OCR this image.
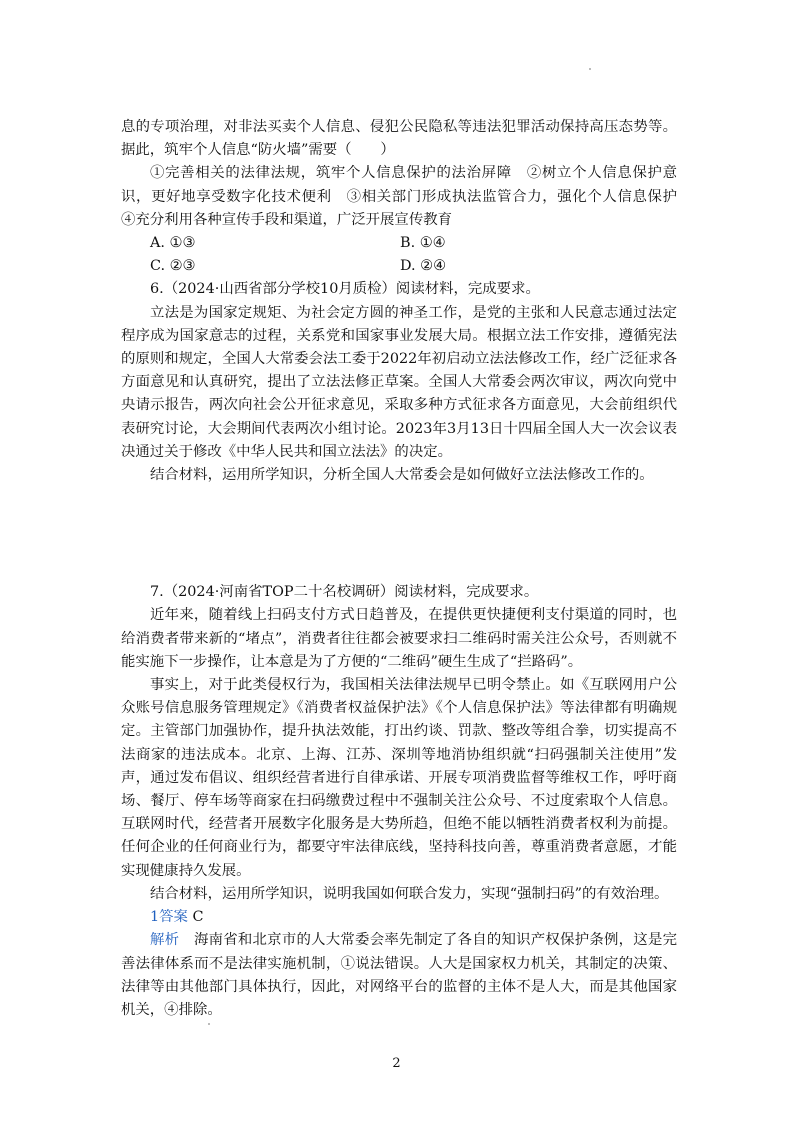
息的专项治理，对非法买卖个人信息、侵犯公民隐私等违法犯罪活动保持高压态势等。据此，筑牢个人信息“防火墙”需要（　　）

①完善相关的法律法规，筑牢个人信息保护的法治屏障　②树立个人信息保护意识，更好地享受数字化技术便利　③相关部门形成执法监管合力，强化个人信息保护　④充分利用各种宣传手段和渠道，广泛开展宣传教育

A. ①③	B. ①④
C. ②③	D. ②④

6.（2024·山西省部分学校10月质检）阅读材料，完成要求。

立法是为国家定规矩、为社会定方圆的神圣工作，是党的主张和人民意志通过法定程序成为国家意志的过程，关系党和国家事业发展大局。根据立法工作安排，遵循宪法的原则和规定，全国人大常委会法工委于2022年初启动立法法修改工作，经广泛征求各方面意见和认真研究，提出了立法法修正草案。全国人大常委会两次审议，两次向党中央请示报告，两次向社会公开征求意见，采取多种方式征求各方面意见，大会前组织代表研究讨论，大会期间代表两次小组讨论。2023年3月13日十四届全国人大一次会议表决通过关于修改《中华人民共和国立法法》的决定。

结合材料，运用所学知识，分析全国人大常委会是如何做好立法法修改工作的。

7.（2024·河南省TOP二十名校调研）阅读材料，完成要求。

近年来，随着线上扫码支付方式日趋普及，在提供更快捷便利支付渠道的同时，也给消费者带来新的“堵点”，消费者往往都会被要求扫二维码时需关注公众号，否则就不能实施下一步操作，让本意是为了方便的“二维码”硬生生成了“拦路码”。

事实上，对于此类侵权行为，我国相关法律法规早已明令禁止。如《互联网用户公众账号信息服务管理规定》《消费者权益保护法》《个人信息保护法》等法律都有明确规定。主管部门加强协作，提升执法效能，打出约谈、罚款、整改等组合拳，切实提高不法商家的违法成本。北京、上海、江苏、深圳等地消协组织就“扫码强制关注使用”发声，通过发布倡议、组织经营者进行自律承诺、开展专项消费监督等维权工作，呼吁商场、餐厅、停车场等商家在扫码缴费过程中不强制关注公众号、不过度索取个人信息。互联网时代，经营者开展数字化服务是大势所趋，但绝不能以牺牲消费者权利为前提。任何企业的任何商业行为，都要守牢法律底线，坚持科技向善，尊重消费者意愿，才能实现健康持久发展。

结合材料，运用所学知识，说明我国如何联合发力，实现“强制扫码”的有效治理。

1答案 C

解析　 海南省和北京市的人大常委会率先制定了各自的知识产权保护条例，这是完善法律体系而不是法律实施机制，①说法错误。人大是国家权力机关，其制定的决策、法律等由其他部门具体执行，因此，对网络平台的监督的主体不是人大，而是其他国家机关，④排除。

2
